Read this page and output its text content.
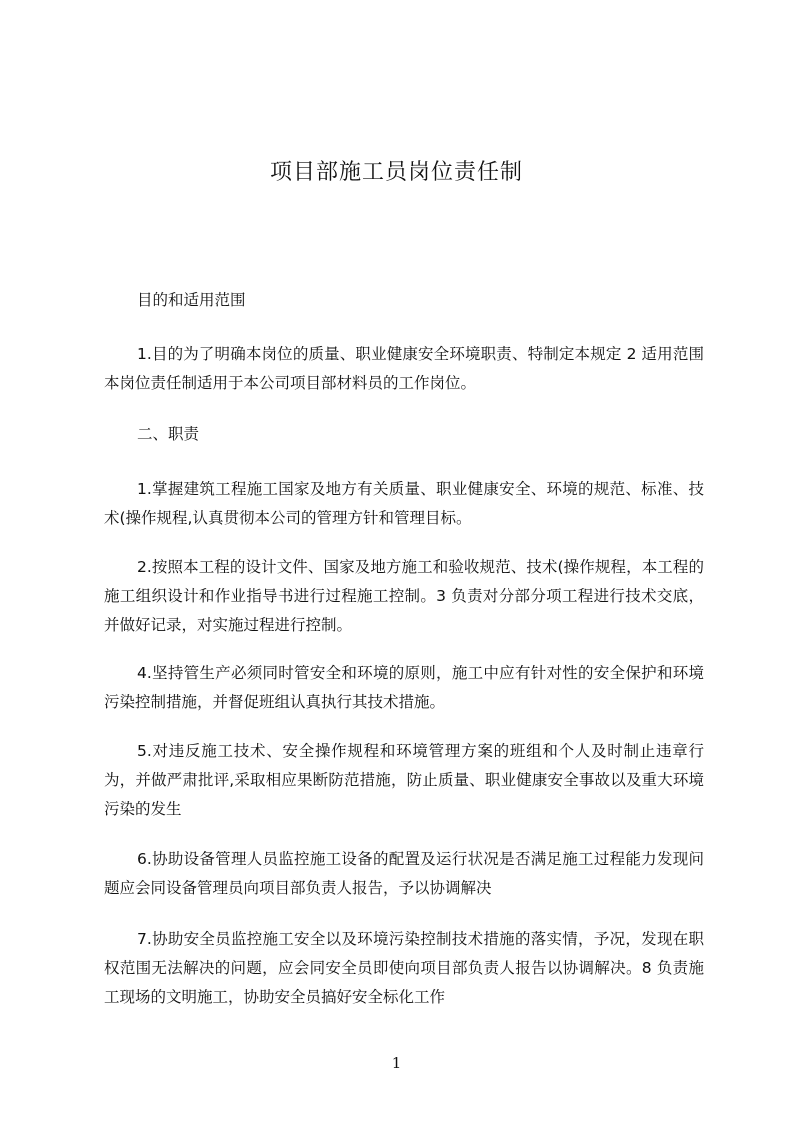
项目部施工员岗位责任制

目的和适用范围

1.目的为了明确本岗位的质量、职业健康安全环境职责、特制定本规定 2 适用范围本岗位责任制适用于本公司项目部材料员的工作岗位。

二、职责

1.掌握建筑工程施工国家及地方有关质量、职业健康安全、环境的规范、标准、技术(操作规程,认真贯彻本公司的管理方针和管理目标。

2.按照本工程的设计文件、国家及地方施工和验收规范、技术(操作规程，本工程的施工组织设计和作业指导书进行过程施工控制。3 负责对分部分项工程进行技术交底，并做好记录，对实施过程进行控制。

4.坚持管生产必须同时管安全和环境的原则，施工中应有针对性的安全保护和环境污染控制措施，并督促班组认真执行其技术措施。

5.对违反施工技术、安全操作规程和环境管理方案的班组和个人及时制止违章行为，并做严肃批评,采取相应果断防范措施，防止质量、职业健康安全事故以及重大环境污染的发生

6.协助设备管理人员监控施工设备的配置及运行状况是否满足施工过程能力发现问题应会同设备管理员向项目部负责人报告，予以协调解决

7.协助安全员监控施工安全以及环境污染控制技术措施的落实情，予况，发现在职权范围无法解决的问题，应会同安全员即使向项目部负责人报告以协调解决。8 负责施工现场的文明施工，协助安全员搞好安全标化工作

1
